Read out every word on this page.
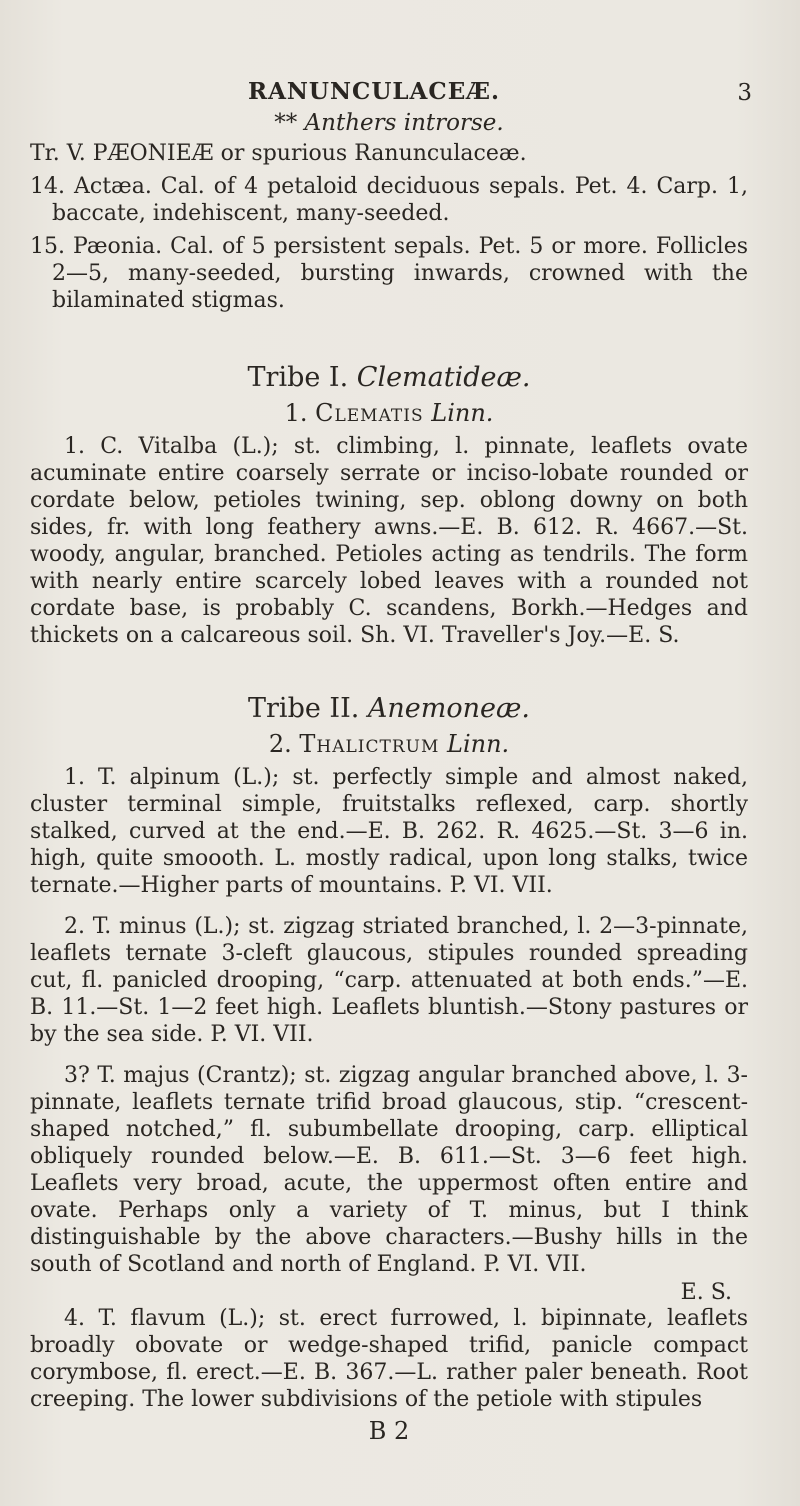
RANUNCULACEÆ.	3
** Anthers introrse.

Tr. V. PÆONIEÆ or spurious Ranunculaceæ.

14. Actæa. Cal. of 4 petaloid deciduous sepals. Pet. 4. Carp. 1, baccate, indehiscent, many-seeded.

15. Pæonia. Cal. of 5 persistent sepals. Pet. 5 or more. Follicles 2—5, many-seeded, bursting inwards, crowned with the bilaminated stigmas.

Tribe I. Clematideæ.
1. Clematis Linn.

1. C. Vitalba (L.); st. climbing, l. pinnate, leaflets ovate acuminate entire coarsely serrate or inciso-lobate rounded or cordate below, petioles twining, sep. oblong downy on both sides, fr. with long feathery awns.—E. B. 612. R. 4667.—St. woody, angular, branched. Petioles acting as tendrils. The form with nearly entire scarcely lobed leaves with a rounded not cordate base, is probably C. scandens, Borkh.—Hedges and thickets on a calcareous soil. Sh. VI. Traveller's Joy.—E. S.

Tribe II. Anemoneæ.
2. Thalictrum Linn.

1. T. alpinum (L.); st. perfectly simple and almost naked, cluster terminal simple, fruitstalks reflexed, carp. shortly stalked, curved at the end.—E. B. 262. R. 4625.—St. 3—6 in. high, quite smoooth. L. mostly radical, upon long stalks, twice ternate.—Higher parts of mountains. P. VI. VII.

2. T. minus (L.); st. zigzag striated branched, l. 2—3-pinnate, leaflets ternate 3-cleft glaucous, stipules rounded spreading cut, fl. panicled drooping, “carp. attenuated at both ends.”—E. B. 11.—St. 1—2 feet high. Leaflets bluntish.—Stony pastures or by the sea side. P. VI. VII.

3? T. majus (Crantz); st. zigzag angular branched above, l. 3-pinnate, leaflets ternate trifid broad glaucous, stip. “crescent-shaped notched,” fl. subumbellate drooping, carp. elliptical obliquely rounded below.—E. B. 611.—St. 3—6 feet high. Leaflets very broad, acute, the uppermost often entire and ovate. Perhaps only a variety of T. minus, but I think distinguishable by the above characters.—Bushy hills in the south of Scotland and north of England. P. VI. VII.

E. S.

4. T. flavum (L.); st. erect furrowed, l. bipinnate, leaflets broadly obovate or wedge-shaped trifid, panicle compact corymbose, fl. erect.—E. B. 367.—L. rather paler beneath. Root creeping. The lower subdivisions of the petiole with stipules

B 2
